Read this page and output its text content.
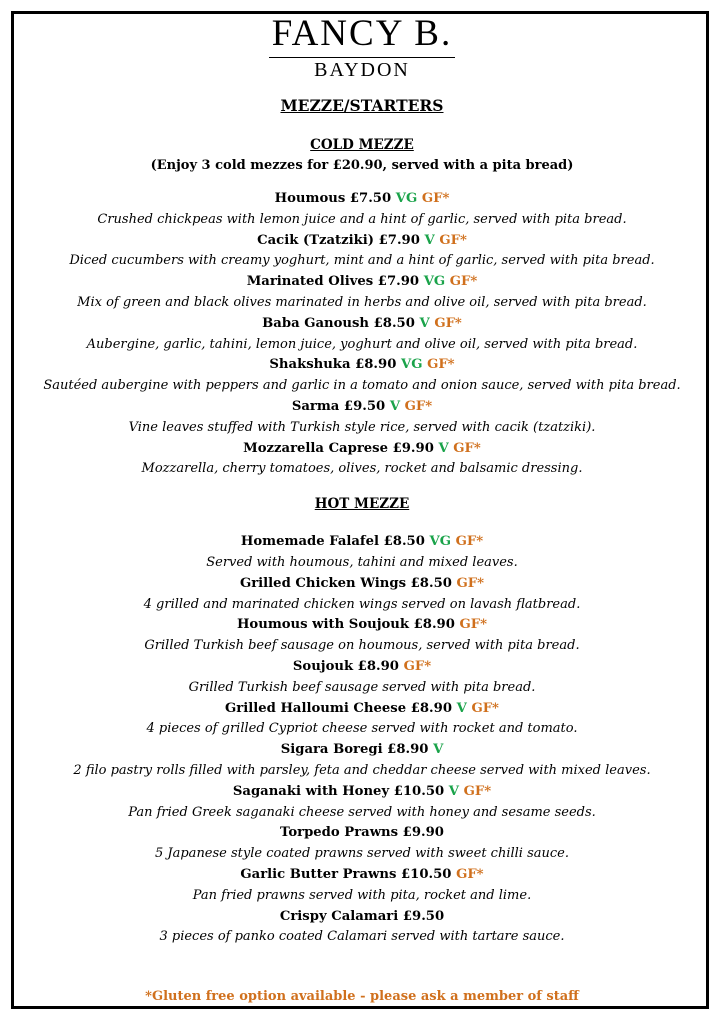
FANCY B.
BAYDON
MEZZE/STARTERS
COLD MEZZE
(Enjoy 3 cold mezzes for £20.90, served with a pita bread)
Houmous £7.50 VG GF*
Crushed chickpeas with lemon juice and a hint of garlic, served with pita bread.
Cacik (Tzatziki) £7.90 V GF*
Diced cucumbers with creamy yoghurt, mint and a hint of garlic, served with pita bread.
Marinated Olives £7.90 VG GF*
Mix of green and black olives marinated in herbs and olive oil, served with pita bread.
Baba Ganoush £8.50 V GF*
Aubergine, garlic, tahini, lemon juice, yoghurt and olive oil, served with pita bread.
Shakshuka £8.90 VG GF*
Sautéed aubergine with peppers and garlic in a tomato and onion sauce, served with pita bread.
Sarma £9.50 V GF*
Vine leaves stuffed with Turkish style rice, served with cacik (tzatziki).
Mozzarella Caprese £9.90 V GF*
Mozzarella, cherry tomatoes, olives, rocket and balsamic dressing.
HOT MEZZE
Homemade Falafel £8.50 VG GF*
Served with houmous, tahini and mixed leaves.
Grilled Chicken Wings £8.50 GF*
4 grilled and marinated chicken wings served on lavash flatbread.
Houmous with Soujouk £8.90 GF*
Grilled Turkish beef sausage on houmous, served with pita bread.
Soujouk £8.90 GF*
Grilled Turkish beef sausage served with pita bread.
Grilled Halloumi Cheese £8.90 V GF*
4 pieces of grilled Cypriot cheese served with rocket and tomato.
Sigara Boregi £8.90 V
2 filo pastry rolls filled with parsley, feta and cheddar cheese served with mixed leaves.
Saganaki with Honey £10.50 V GF*
Pan fried Greek saganaki cheese served with honey and sesame seeds.
Torpedo Prawns £9.90
5 Japanese style coated prawns served with sweet chilli sauce.
Garlic Butter Prawns £10.50 GF*
Pan fried prawns served with pita, rocket and lime.
Crispy Calamari £9.50
3 pieces of panko coated Calamari served with tartare sauce.
*Gluten free option available - please ask a member of staff
